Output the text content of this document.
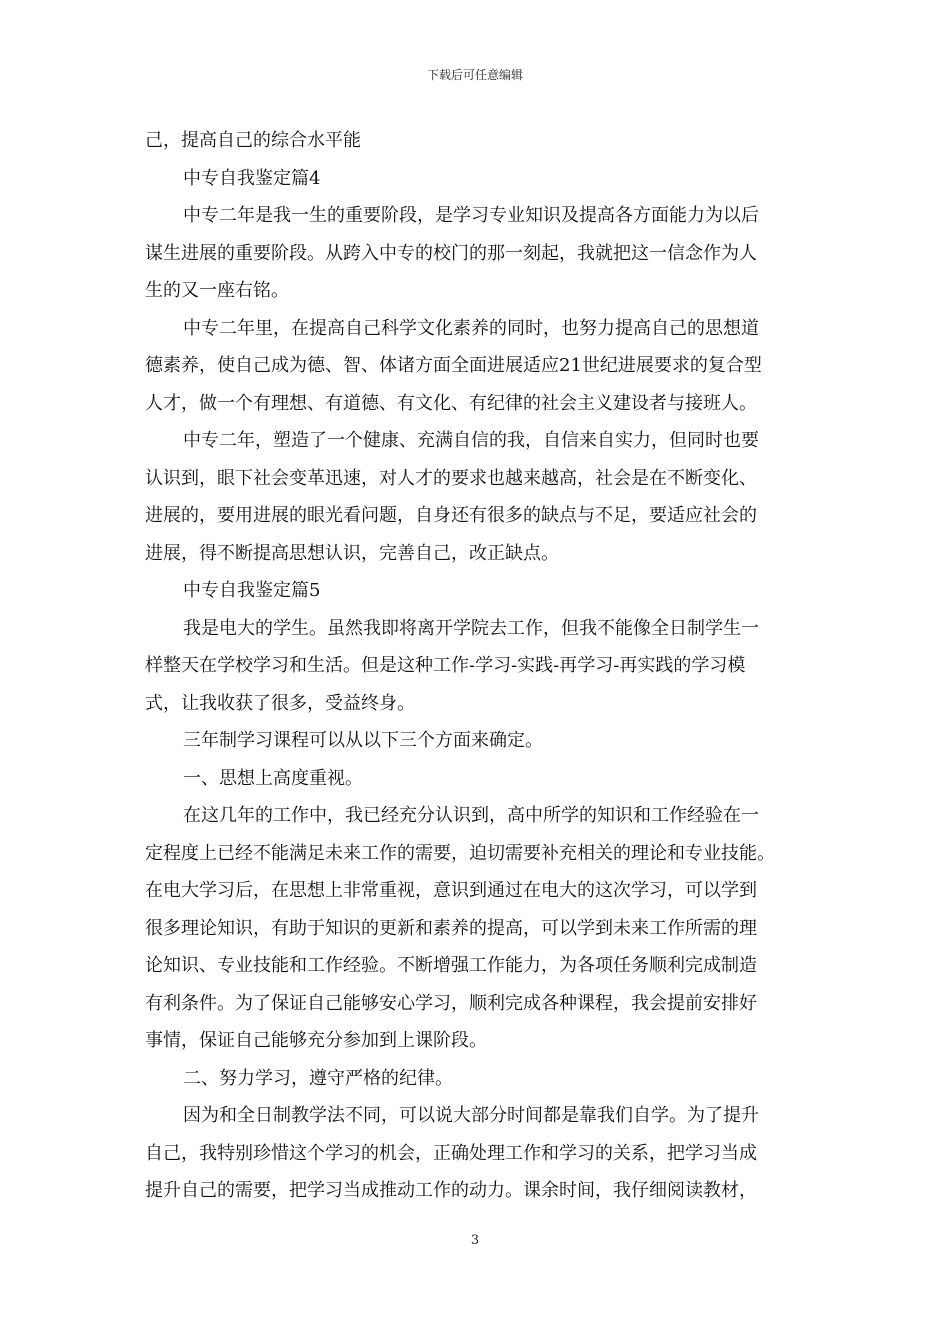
下载后可任意编辑
己，提高自己的综合水平能
中专自我鉴定篇4
中专二年是我一生的重要阶段，是学习专业知识及提高各方面能力为以后
谋生进展的重要阶段。从跨入中专的校门的那一刻起，我就把这一信念作为人
生的又一座右铭。
中专二年里，在提高自己科学文化素养的同时，也努力提高自己的思想道
德素养，使自己成为德、智、体诸方面全面进展适应21世纪进展要求的复合型
人才，做一个有理想、有道德、有文化、有纪律的社会主义建设者与接班人。
中专二年，塑造了一个健康、充满自信的我，自信来自实力，但同时也要
认识到，眼下社会变革迅速，对人才的要求也越来越高，社会是在不断变化、
进展的，要用进展的眼光看问题，自身还有很多的缺点与不足，要适应社会的
进展，得不断提高思想认识，完善自己，改正缺点。
中专自我鉴定篇5
我是电大的学生。虽然我即将离开学院去工作，但我不能像全日制学生一
样整天在学校学习和生活。但是这种工作-学习-实践-再学习-再实践的学习模
式，让我收获了很多，受益终身。
三年制学习课程可以从以下三个方面来确定。
一、思想上高度重视。
在这几年的工作中，我已经充分认识到，高中所学的知识和工作经验在一
定程度上已经不能满足未来工作的需要，迫切需要补充相关的理论和专业技能。
在电大学习后，在思想上非常重视，意识到通过在电大的这次学习，可以学到
很多理论知识，有助于知识的更新和素养的提高，可以学到未来工作所需的理
论知识、专业技能和工作经验。不断增强工作能力，为各项任务顺利完成制造
有利条件。为了保证自己能够安心学习，顺利完成各种课程，我会提前安排好
事情，保证自己能够充分参加到上课阶段。
二、努力学习，遵守严格的纪律。
因为和全日制教学法不同，可以说大部分时间都是靠我们自学。为了提升
自己，我特别珍惜这个学习的机会，正确处理工作和学习的关系，把学习当成
提升自己的需要，把学习当成推动工作的动力。课余时间，我仔细阅读教材，
3
